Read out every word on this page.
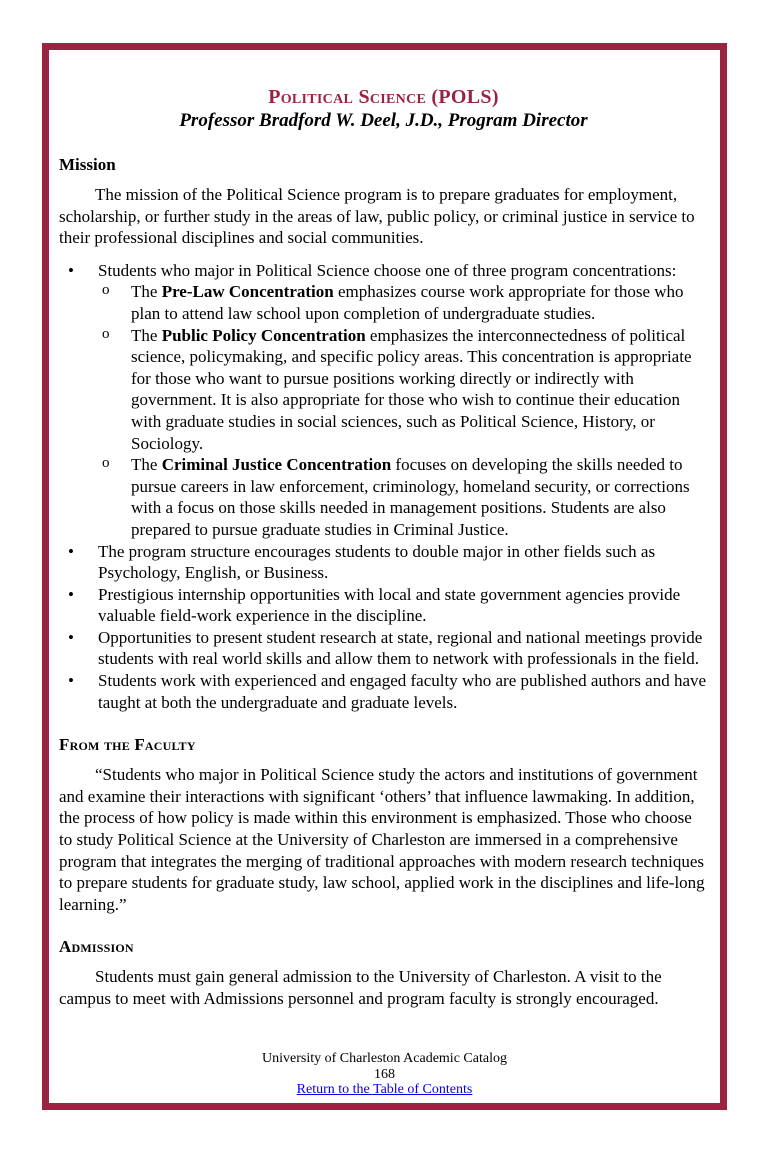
Political Science (POLS)
Professor Bradford W. Deel, J.D., Program Director
Mission

The mission of the Political Science program is to prepare graduates for employment, scholarship, or further study in the areas of law, public policy, or criminal justice in service to their professional disciplines and social communities.

• Students who major in Political Science choose one of three program concentrations:
o The Pre-Law Concentration emphasizes course work appropriate for those who plan to attend law school upon completion of undergraduate studies.
o The Public Policy Concentration emphasizes the interconnectedness of political science, policymaking, and specific policy areas. This concentration is appropriate for those who want to pursue positions working directly or indirectly with government. It is also appropriate for those who wish to continue their education with graduate studies in social sciences, such as Political Science, History, or Sociology.
o The Criminal Justice Concentration focuses on developing the skills needed to pursue careers in law enforcement, criminology, homeland security, or corrections with a focus on those skills needed in management positions. Students are also prepared to pursue graduate studies in Criminal Justice.
• The program structure encourages students to double major in other fields such as Psychology, English, or Business.
• Prestigious internship opportunities with local and state government agencies provide valuable field-work experience in the discipline.
• Opportunities to present student research at state, regional and national meetings provide students with real world skills and allow them to network with professionals in the field.
• Students work with experienced and engaged faculty who are published authors and have taught at both the undergraduate and graduate levels.
From the Faculty

“Students who major in Political Science study the actors and institutions of government and examine their interactions with significant ‘others’ that influence lawmaking. In addition, the process of how policy is made within this environment is emphasized. Those who choose to study Political Science at the University of Charleston are immersed in a comprehensive program that integrates the merging of traditional approaches with modern research techniques to prepare students for graduate study, law school, applied work in the disciplines and life-long learning.”

Admission

Students must gain general admission to the University of Charleston. A visit to the campus to meet with Admissions personnel and program faculty is strongly encouraged.

University of Charleston Academic Catalog
168
Return to the Table of Contents
